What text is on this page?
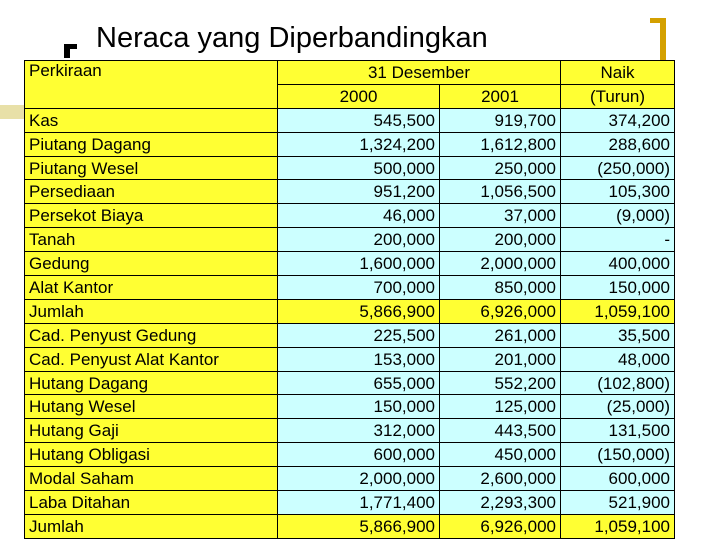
Neraca yang Diperbandingkan
Perkiraan	31 Desember		Naik
	2000	2001	(Turun)
Kas	545,500	919,700	374,200
Piutang Dagang	1,324,200	1,612,800	288,600
Piutang Wesel	500,000	250,000	(250,000)
Persediaan	951,200	1,056,500	105,300
Persekot Biaya	46,000	37,000	(9,000)
Tanah	200,000	200,000	-
Gedung	1,600,000	2,000,000	400,000
Alat Kantor	700,000	850,000	150,000
Jumlah	5,866,900	6,926,000	1,059,100
Cad. Penyust Gedung	225,500	261,000	35,500
Cad. Penyust Alat Kantor	153,000	201,000	48,000
Hutang Dagang	655,000	552,200	(102,800)
Hutang Wesel	150,000	125,000	(25,000)
Hutang Gaji	312,000	443,500	131,500
Hutang Obligasi	600,000	450,000	(150,000)
Modal Saham	2,000,000	2,600,000	600,000
Laba Ditahan	1,771,400	2,293,300	521,900
Jumlah	5,866,900	6,926,000	1,059,100
